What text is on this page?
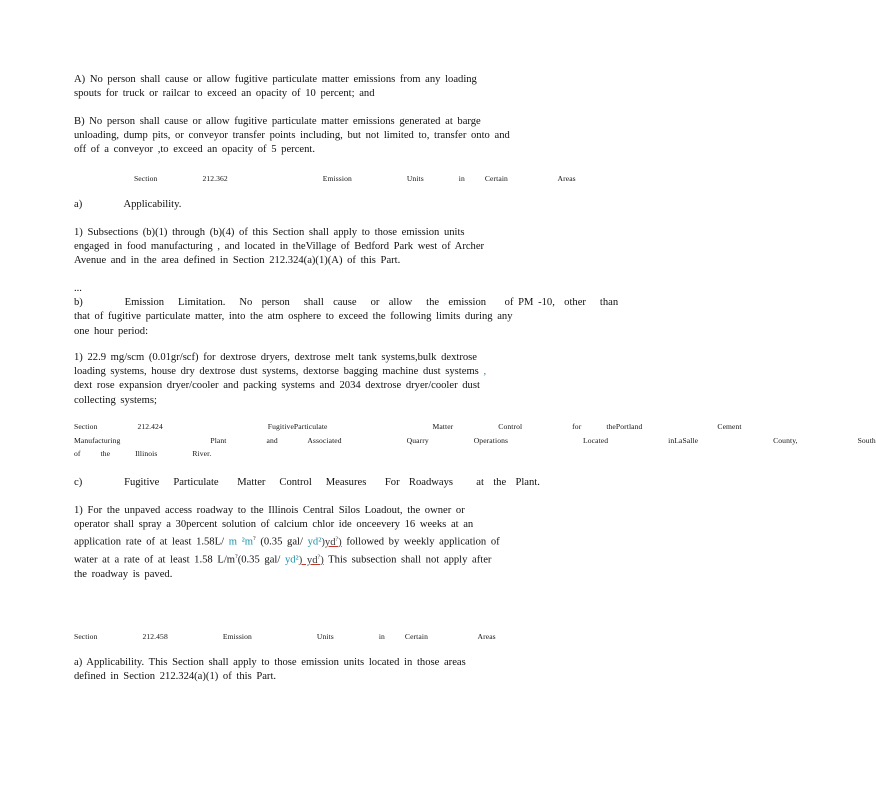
A) No person shall cause or allow fugitive particulate matter emissions from any loading
spouts for truck or railcar to exceed an opacity of 10 percent; and
B) No person shall cause or allow fugitive particulate matter emissions generated at barge
unloading, dump pits, or conveyor transfer points including, but not limited to, transfer onto and
off of a conveyor ,to exceed an opacity of 5 percent.
Section         212.362                   Emission           Units       in    Certain          Areas
a)         Applicability.
1) Subsections (b)(1) through (b)(4) of this Section shall apply to those emission units
engaged in food manufacturing , and located in theVillage of Bedford Park west of Archer
Avenue and in the area defined in Section 212.324(a)(1)(A) of this Part.
...
b)         Emission   Limitation.   No  person   shall  cause   or  allow   the  emission    of PM -10,  other   than
that of fugitive particulate matter, into the atm osphere to exceed the following limits during any
one hour period:
1) 22.9 mg/scm (0.01gr/scf) for dextrose dryers, dextrose melt tank systems,bulk dextrose
loading systems, house dry dextrose dust systems, dextorse bagging machine dust systems ,
dext rose expansion dryer/cooler and packing systems and 2034 dextrose dryer/cooler dust
collecting systems;
Section        212.424                     FugitiveParticulate                     Matter         Control          for     thePortland               Cement
Manufacturing                  Plant        and      Associated             Quarry         Operations               Located            inLaSalle               County,            South
of    the     Illinois       River.
c)         Fugitive   Particulate    Matter   Control   Measures    For  Roadways     at  the  Plant.
1) For the unpaved access roadway to the Illinois Central Silos Loadout, the owner or
operator shall spray a 30percent solution of calcium chlor ide onceevery 16 weeks at an
application rate of at least 1.58L/ m ²m? (0.35 gal/ yd²)yd?) followed by weekly application of
water at a rate of at least 1.58 L/m?(0.35 gal/ yd²) yd?) This subsection shall not apply after
the roadway is paved.
Section         212.458           Emission             Units         in    Certain          Areas
a) Applicability. This Section shall apply to those emission units located in those areas
defined in Section 212.324(a)(1) of this Part.
